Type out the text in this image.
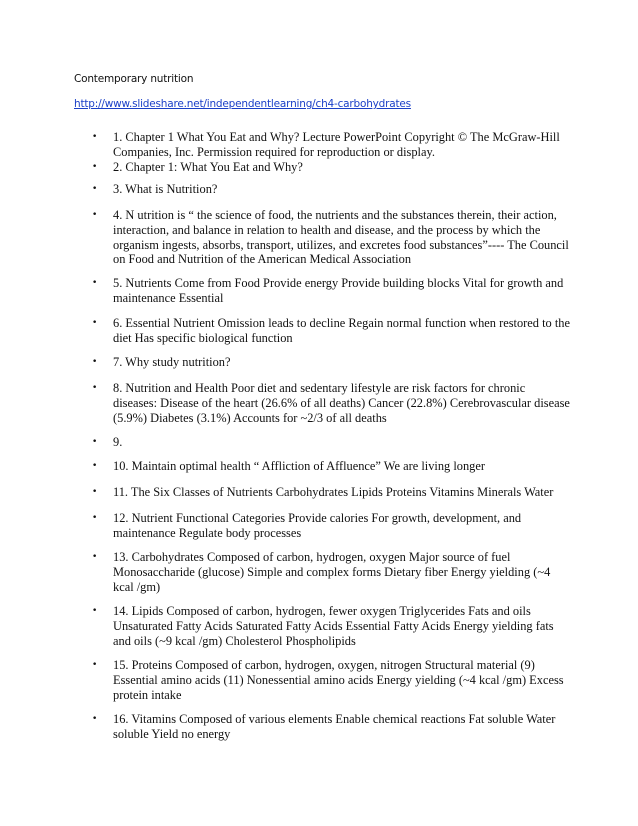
Contemporary nutrition
http://www.slideshare.net/independentlearning/ch4-carbohydrates
•	1. Chapter 1 What You Eat and Why? Lecture PowerPoint Copyright © The McGraw-Hill Companies, Inc. Permission required for reproduction or display.
•	2. Chapter 1: What You Eat and Why?
•	3. What is Nutrition?
•	4. N utrition is “ the science of food, the nutrients and the substances therein, their action, interaction, and balance in relation to health and disease, and the process by which the organism ingests, absorbs, transport, utilizes, and excretes food substances”---- The Council on Food and Nutrition of the American Medical Association
•	5. Nutrients Come from Food Provide energy Provide building blocks Vital for growth and maintenance Essential
•	6. Essential Nutrient Omission leads to decline Regain normal function when restored to the diet Has specific biological function
•	7. Why study nutrition?
•	8. Nutrition and Health Poor diet and sedentary lifestyle are risk factors for chronic diseases: Disease of the heart (26.6% of all deaths) Cancer (22.8%) Cerebrovascular disease (5.9%) Diabetes (3.1%) Accounts for ~2/3 of all deaths
•	9.
•	10. Maintain optimal health “ Affliction of Affluence” We are living longer
•	11. The Six Classes of Nutrients Carbohydrates Lipids Proteins Vitamins Minerals Water
•	12. Nutrient Functional Categories Provide calories For growth, development, and maintenance Regulate body processes
•	13. Carbohydrates Composed of carbon, hydrogen, oxygen Major source of fuel Monosaccharide (glucose) Simple and complex forms Dietary fiber Energy yielding (~4 kcal /gm)
•	14. Lipids Composed of carbon, hydrogen, fewer oxygen Triglycerides Fats and oils Unsaturated Fatty Acids Saturated Fatty Acids Essential Fatty Acids Energy yielding fats and oils (~9 kcal /gm) Cholesterol Phospholipids
•	15. Proteins Composed of carbon, hydrogen, oxygen, nitrogen Structural material (9) Essential amino acids (11) Nonessential amino acids Energy yielding (~4 kcal /gm) Excess protein intake
•	16. Vitamins Composed of various elements Enable chemical reactions Fat soluble Water soluble Yield no energy
